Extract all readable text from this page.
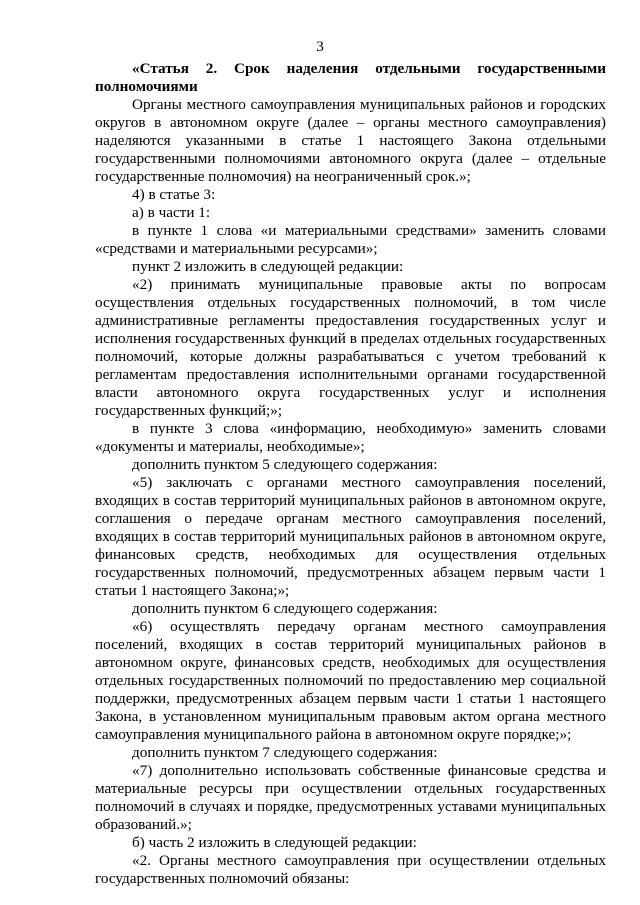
3

«Статья 2. Срок наделения отдельными государственными полномочиями

Органы местного самоуправления муниципальных районов и городских округов в автономном округе (далее – органы местного самоуправления) наделяются указанными в статье 1 настоящего Закона отдельными государственными полномочиями автономного округа (далее – отдельные государственные полномочия) на неограниченный срок.»;

4) в статье 3:

а) в части 1:

в пункте 1 слова «и материальными средствами» заменить словами «средствами и материальными ресурсами»;

пункт 2 изложить в следующей редакции:

«2) принимать муниципальные правовые акты по вопросам осуществления отдельных государственных полномочий, в том числе административные регламенты предоставления государственных услуг и исполнения государственных функций в пределах отдельных государственных полномочий, которые должны разрабатываться с учетом требований к регламентам предоставления исполнительными органами государственной власти автономного округа государственных услуг и исполнения государственных функций;»;

в пункте 3 слова «информацию, необходимую» заменить словами «документы и материалы, необходимые»;

дополнить пунктом 5 следующего содержания:

«5) заключать с органами местного самоуправления поселений, входящих в состав территорий муниципальных районов в автономном округе, соглашения о передаче органам местного самоуправления поселений, входящих в состав территорий муниципальных районов в автономном округе, финансовых средств, необходимых для осуществления отдельных государственных полномочий, предусмотренных абзацем первым части 1 статьи 1 настоящего Закона;»;

дополнить пунктом 6 следующего содержания:

«6) осуществлять передачу органам местного самоуправления поселений, входящих в состав территорий муниципальных районов в автономном округе, финансовых средств, необходимых для осуществления отдельных государственных полномочий по предоставлению мер социальной поддержки, предусмотренных абзацем первым части 1 статьи 1 настоящего Закона, в установленном муниципальным правовым актом органа местного самоуправления муниципального района в автономном округе порядке;»;

дополнить пунктом 7 следующего содержания:

«7) дополнительно использовать собственные финансовые средства и материальные ресурсы при осуществлении отдельных государственных полномочий в случаях и порядке, предусмотренных уставами муниципальных образований.»;

б) часть 2 изложить в следующей редакции:

«2. Органы местного самоуправления при осуществлении отдельных государственных полномочий обязаны:
